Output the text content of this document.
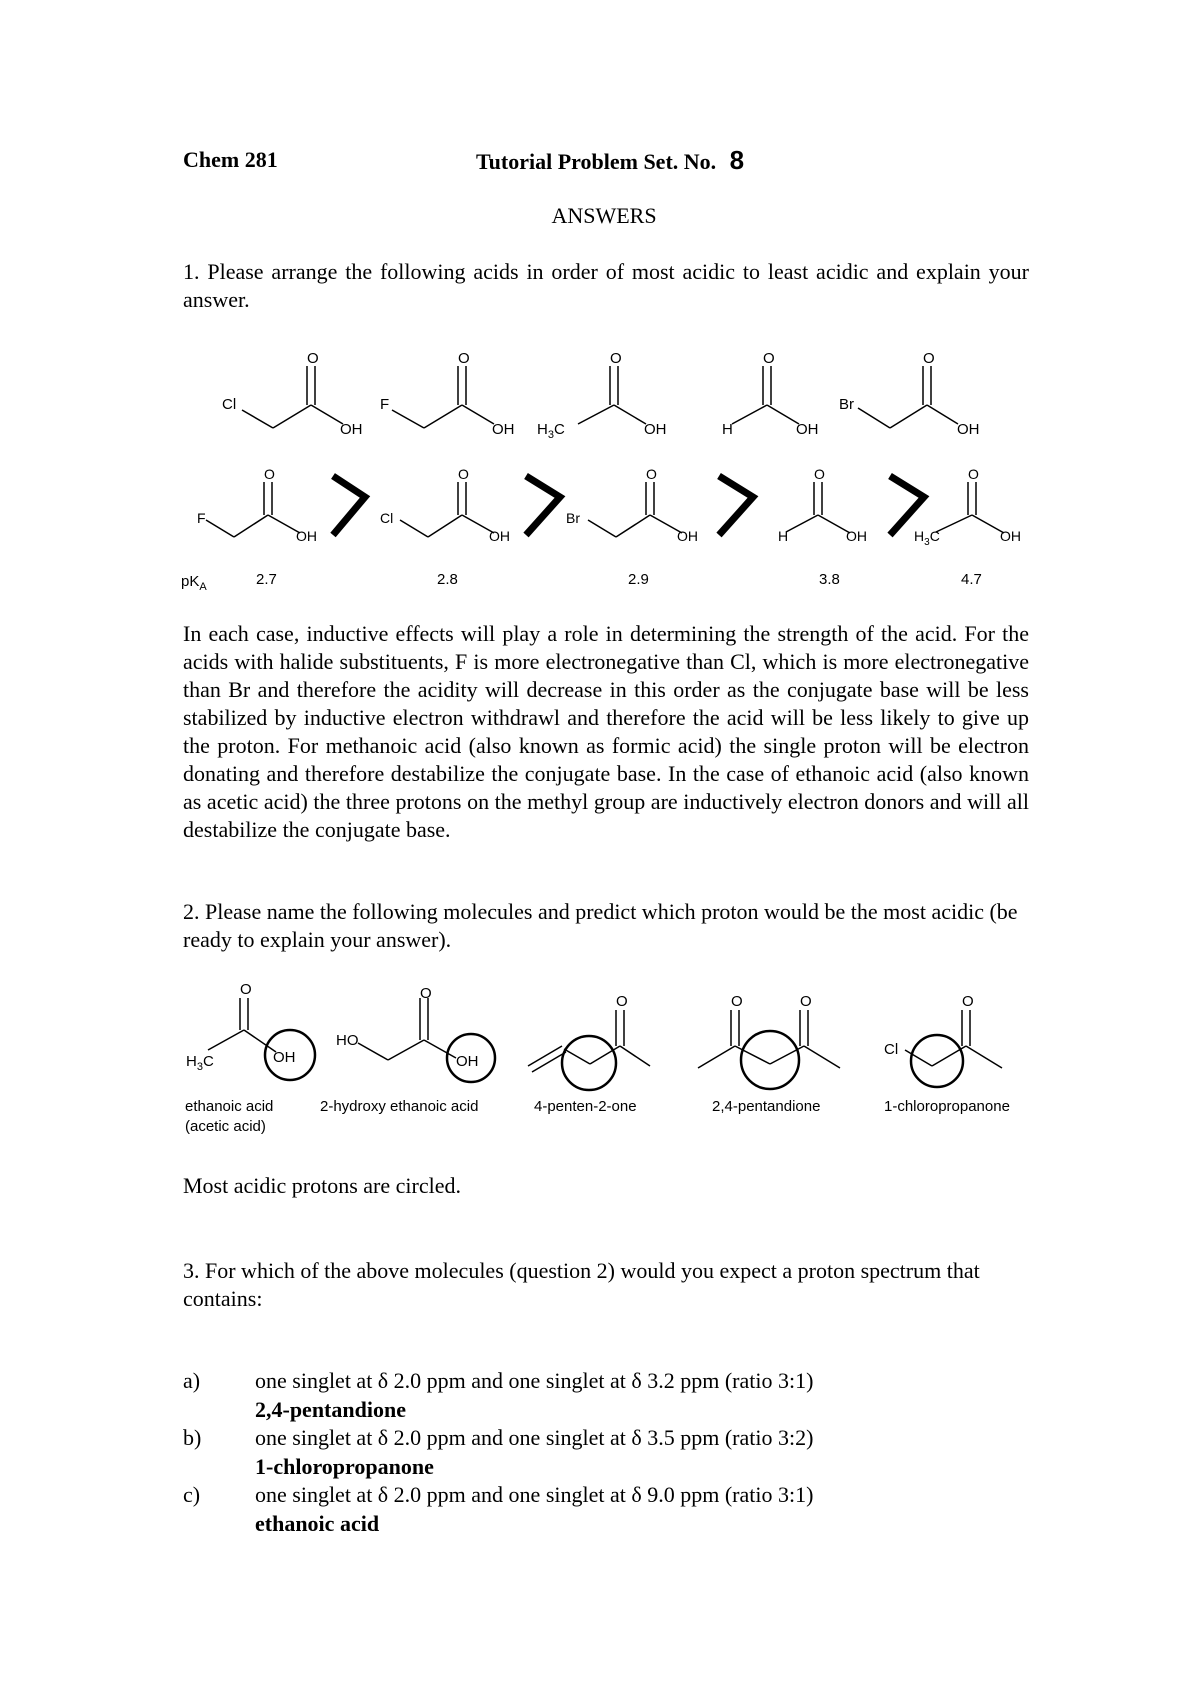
Chem 281	Tutorial Problem Set. No. 8
ANSWERS
1. Please arrange the following acids in order of most acidic to least acidic and explain your answer.
O
Cl
OH
O
F
OH
O
$H_3C$	OH
O
H	OH
O
Br
OH
O
F
OH
O
Cl
OH
O
Br
OH
O
H	OH
O
$H_3C$	OH
$pK_A$	2.7	2.8	2.9	3.8	4.7
In each case, inductive effects will play a role in determining the strength of the acid. For the acids with halide substituents, F is more electronegative than Cl, which is more electronegative than Br and therefore the acidity will decrease in this order as the conjugate base will be less stabilized by inductive electron withdrawl and therefore the acid will be less likely to give up the proton. For methanoic acid (also known as formic acid) the single proton will be electron donating and therefore destabilize the conjugate base. In the case of ethanoic acid (also known as acetic acid) the three protons on the methyl group are inductively electron donors and will all destabilize the conjugate base.
2. Please name the following molecules and predict which proton would be the most acidic (be ready to explain your answer).
O
$H_3C$	OH
O
HO
OH
O	O	O	O
Cl
ethanoic acid
(acetic acid)
2-hydroxy ethanoic acid	4-penten-2-one	2,4-pentandione	1-chloropropanone
Most acidic protons are circled.
3. For which of the above molecules (question 2) would you expect a proton spectrum that contains:
a) one singlet at δ 2.0 ppm and one singlet at δ 3.2 ppm (ratio 3:1)
2,4-pentandione
b) one singlet at δ 2.0 ppm and one singlet at δ 3.5 ppm (ratio 3:2)
1-chloropropanone
c) one singlet at δ 2.0 ppm and one singlet at δ 9.0 ppm (ratio 3:1)
ethanoic acid
